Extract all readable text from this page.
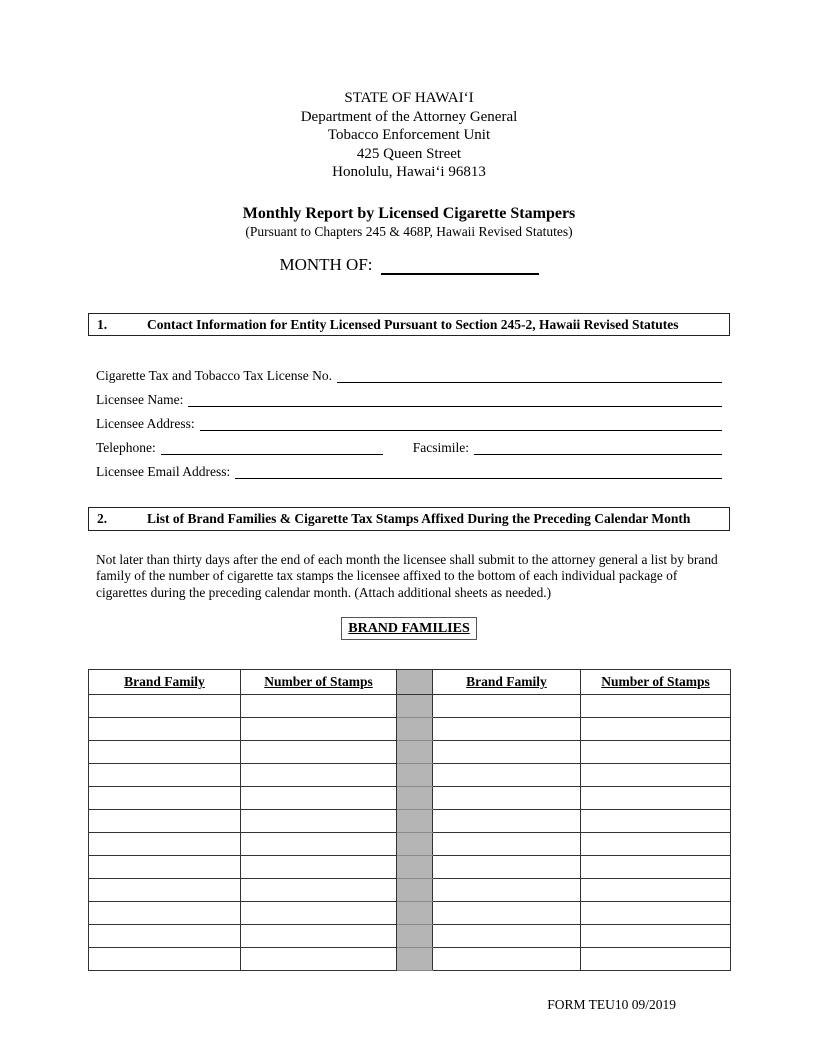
STATE OF HAWAI‘I
Department of the Attorney General
Tobacco Enforcement Unit
425 Queen Street
Honolulu, Hawai‘i 96813
Monthly Report by Licensed Cigarette Stampers
(Pursuant to Chapters 245 & 468P, Hawaii Revised Statutes)
MONTH OF:
1.	Contact Information for Entity Licensed Pursuant to Section 245-2, Hawaii Revised Statutes
Cigarette Tax and Tobacco Tax License No.
Licensee Name:
Licensee Address:
Telephone:	Facsimile:
Licensee Email Address:
2.	List of Brand Families & Cigarette Tax Stamps Affixed During the Preceding Calendar Month

Not later than thirty days after the end of each month the licensee shall submit to the attorney general a list by brand family of the number of cigarette tax stamps the licensee affixed to the bottom of each individual package of cigarettes during the preceding calendar month. (Attach additional sheets as needed.)

BRAND FAMILIES
Brand Family	Number of Stamps		Brand Family	Number of Stamps

FORM TEU10 09/2019
